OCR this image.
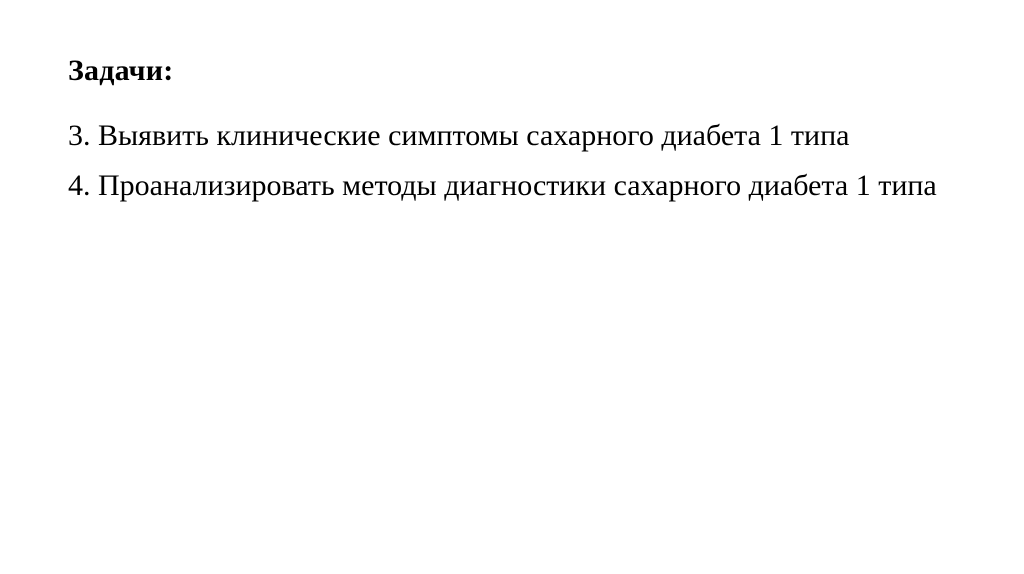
Задачи:

3. Выявить клинические симптомы сахарного диабета 1 типа

4. Проанализировать методы диагностики сахарного диабета 1 типа
